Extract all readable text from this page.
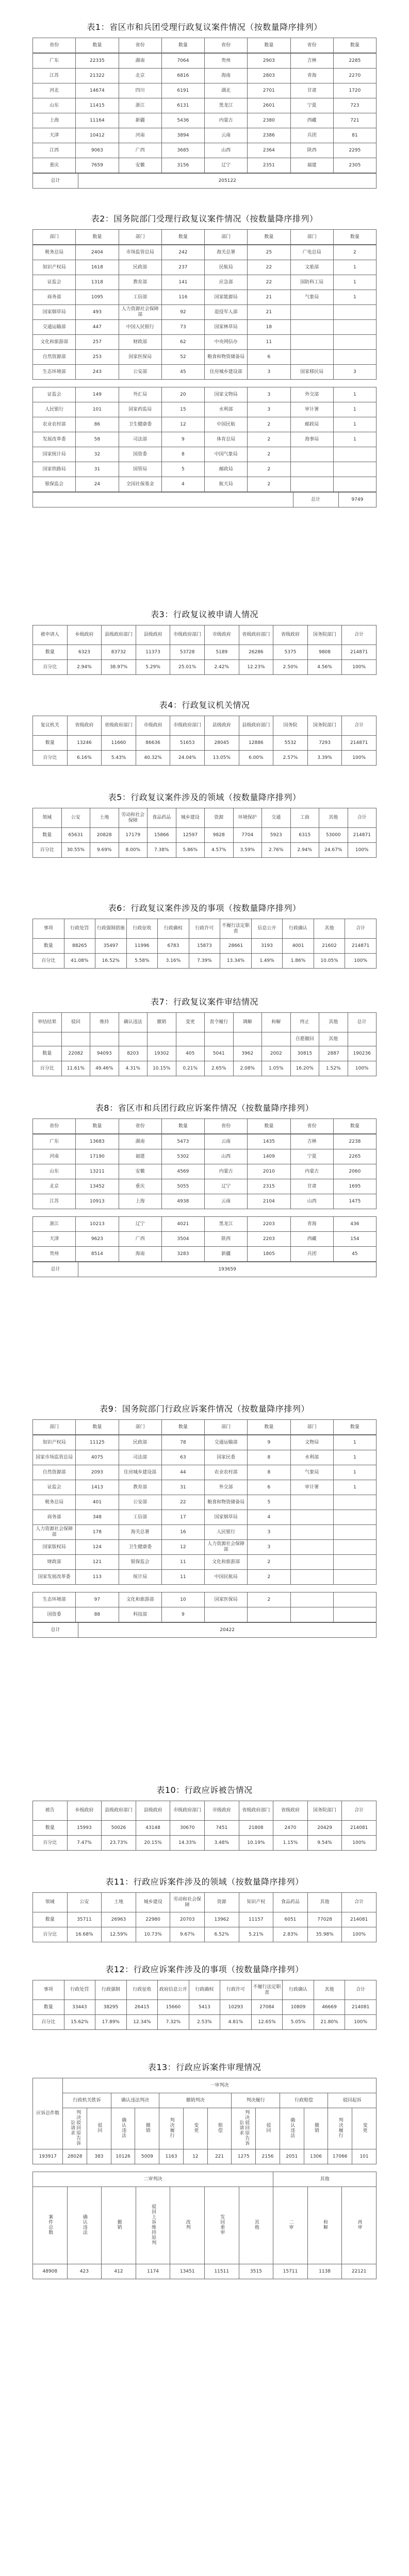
表1：省区市和兵团受理行政复议案件情况（按数量降序排列）
省份	数量	省份	数量	省份	数量	省份	数量
广东	22335	湖南	7064	贵州	2903	吉林	2285
江苏	21322	北京	6816	海南	2803	青海	2270
河北	14674	四川	6191	湖北	2701	甘肃	1720
山东	11415	浙江	6131	黑龙江	2601	宁夏	723
上海	11164	新疆	5436	内蒙古	2380	西藏	721
天津	10412	河南	3894	云南	2386	兵团	81
江西	9063	广西	3685	山西	2364	陕西	2295
重庆	7659	安徽	3156	辽宁	2351	福建	2305
总计	205122
表2：国务院部门受理行政复议案件情况（按数量降序排列）
部门	数量	部门	数量	部门	数量	部门	数量
税务总局	2404	市场监管总局	242	海关总署	25	广电总局	2
知识产权局	1618	民政部	237	民航局	22	文旅部	1
证监会	1318	教育部	141	应急部	22	国防科工局	1
商务部	1095	工信部	116	国家能源局	21	气象局	1
国家烟草局	493	人力资源社会保障部	92	退役军人部	21		
交通运输部	447	中国人民银行	73	国家林草局	18		
文化和旅游部	257	财政部	62	中央网信办	11		
自然资源部	253	国家医保局	52	粮食和物资储备局	6		
生态环境部	243	公安部	45	住房城乡建设部	3	国家移民局	3
证监会	149	外汇局	20	国家文物局	3	外交部	1
人民银行	101	国家药监局	15	水利部	3	审计署	1
农业农村部	86	卫生健康委	12	中国民航	2	邮政局	1
发展改革委	58	司法部	9	体育总局	2	海事局	1
国家统计局	32	国资委	8	中国气象局	2		
国家铁路局	31	国管局	5	邮政局	2		
银保监会	24	全国社保基金	4	航天局	2		
	总计	9749
表3：行政复议被申请人情况
被申请人	乡级政府	县级政府部门	县级政府	市级政府部门	市级政府	省级政府部门	省级政府	国务院部门	合计
数量	6323	83732	11373	53728	5189	26286	5375	9808	214871
百分比	2.94%	38.97%	5.29%	25.01%	2.42%	12.23%	2.50%	4.56%	100%
表4：行政复议机关情况
复议机关	省级政府	省级政府部门	市级政府	市级政府部门	县级政府	县级政府部门	国务院	国务院部门	合计
数量	13246	11660	86636	51653	28045	12886	5532	7293	214871
百分比	6.16%	5.43%	40.32%	24.04%	13.05%	6.00%	2.57%	3.39%	100%
表5：行政复议案件涉及的领域（按数量降序排列）
领域	公安	土地	劳动和社会保障	食品药品	城乡建设	资源	环境保护	交通	工商	其他	合计
数量	65631	20828	17179	15866	12597	9828	7704	5923	6315	53000	214871
百分比	30.55%	9.69%	8.00%	7.38%	5.86%	4.57%	3.59%	2.76%	2.94%	24.67%	100%
表6：行政复议案件涉及的事项（按数量降序排列）
事项	行政处罚	行政强制措施	行政征收	行政确权	行政许可	不履行法定职责	信息公开	行政确认	其他	合计
数量	88265	35497	11996	6783	15873	28661	3193	4001	21602	214871
百分比	41.08%	16.52%	5.58%	3.16%	7.39%	13.34%	1.49%	1.86%	10.05%	100%
表7：行政复议案件审结情况
审结结果	驳回	维持	确认违法	撤销	变更	责令履行	调解	和解	终止	其他	总计
									自愿撤回	其他	
数量	22082	94093	8203	19302	405	5041	3962	2002	30815	2887	190236
百分比	11.61%	49.46%	4.31%	10.15%	0.21%	2.65%	2.08%	1.05%	16.20%	1.52%	100%
表8：省区市和兵团行政应诉案件情况（按数量降序排列）
省份	数量	省份	数量	省份	数量	省份	数量
广东	13683	湖南	5473	云南	1435	吉林	2238
河南	17190	福建	5302	山西	1409	宁夏	2265
山东	13211	安徽	4569	内蒙古	2010	内蒙古	2060
北京	13452	重庆	5055	辽宁	2315	甘肃	1695
江苏	10913	上海	4938	云南	2104	山西	1475
浙江	10213	辽宁	4021	黑龙江	2203	青海	436
天津	9623	广西	3504	陕西	2203	西藏	154
贵州	8514	海南	3283	新疆	1805	兵团	45
总计	193659
表9：国务院部门行政应诉案件情况（按数量降序排列）
部门	数量	部门	数量	部门	数量	部门	数量
知识产权局	11125	民政部	78	交通运输部	9	文物局	1
国家市场监管总局	4075	司法部	63	国家民委	8	水利部	1
自然资源部	2093	住房城乡建设部	44	农业农村部	8	气象局	1
证监会	1413	教育部	31	外交部	6	审计署	1
税务总局	401	公安部	22	粮食和物资储备局	5		
商务部	348	工信部	17	国家烟草局	4		
人力资源社会保障部	178	海关总署	16	人民银行	3		
国家版权局	124	卫生健康委	12	人力资源社会保障部	3		
财政部	121	银保监会	11	文化和旅游部	2		
国家发展改革委	113	统计局	11	中国民航局	2		
生态环境部	97	文化和旅游部	10	国家医保局	2		
国资委	88	科技部	9				
总计	20422
表10：行政应诉被告情况
被告	乡级政府	县级政府部门	县级政府	市级政府部门	市级政府	省级政府部门	省级政府	国务院部门	合计
数量	15993	50026	43148	30670	7451	21808	2470	20429	214081
百分比	7.47%	23.73%	20.15%	14.33%	3.48%	10.19%	1.15%	9.54%	100%
表11：行政应诉案件涉及的领域（按数量降序排列）
领域	公安	土地	城乡建设	劳动和社会保障	资源	知识产权	食品药品	其他	合计
数量	35711	26963	22980	20703	13962	11157	6051	77028	214081
百分比	16.68%	12.59%	10.73%	9.67%	6.52%	5.21%	2.83%	35.98%	100%
表12：行政应诉案件涉及的事项（按数量降序排列）
事项	行政处罚	行政强制	行政征收	政府信息公开	行政确权	行政许可	不履行法定职责	行政确认	其他	合计
数量	33443	38295	26415	15660	5413	10293	27084	10809	46669	214081
百分比	15.62%	17.89%	12.34%	7.32%	2.53%	4.81%	12.65%	5.05%	21.80%	100%
表13：行政应诉案件审理情况
应诉总件数	一审判决												
	行政机关胜诉		确认违法判决		撤销判决			判决履行		行政赔偿		驳回起诉	
	判决驳回原告诉讼请求	驳回	确认违法	撤销	判决履行	变更	赔偿	判决驳回原告诉讼请求	驳回	确认违法	撤销	判决履行	变更
193917	28028	383	10126	5009	1163	12	221	1275	2156	2051	1306	17066	101
二审判决							其他		
案件总数	确认违法	撤销	驳回上诉维持原判	改判	发回重审	其他	二审	和解	再审
48908	423	412	1174	13451	11511	3515	15711	1138	22121
